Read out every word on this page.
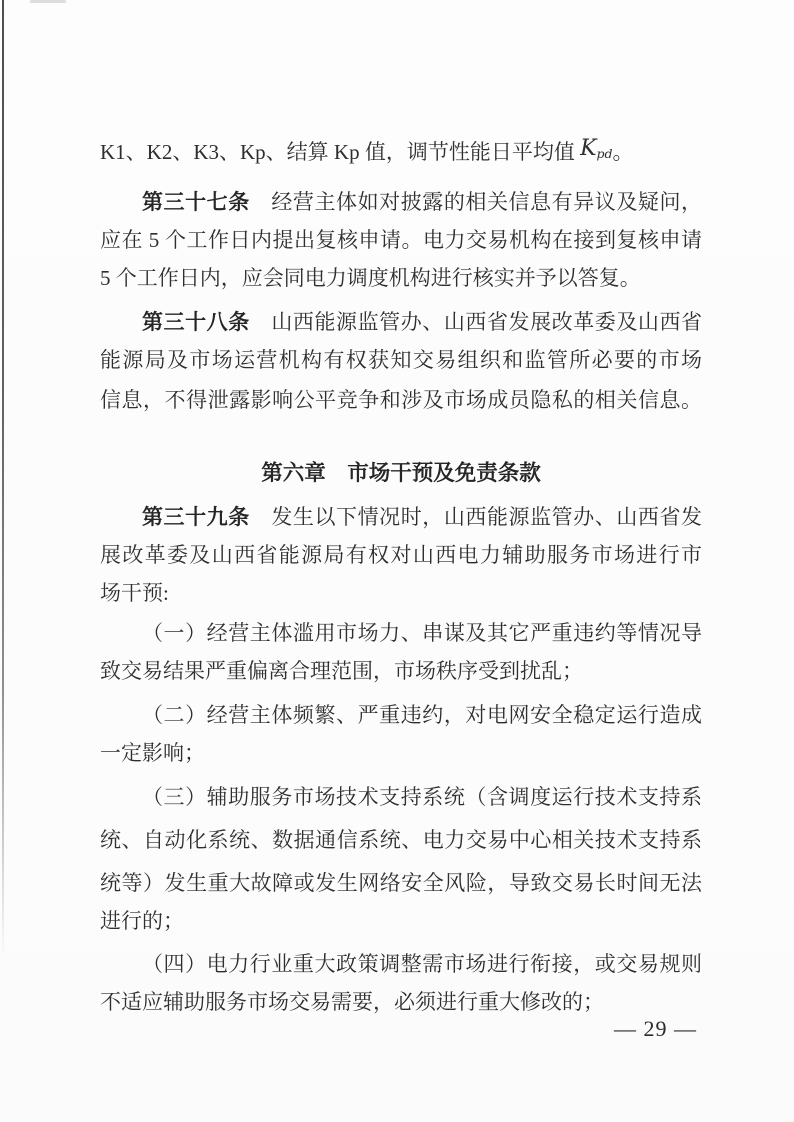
K1、K2、K3、Kp、结算 Kp 值，调节性能日平均值 Kpd。
第三十七条　经营主体如对披露的相关信息有异议及疑问，
应在 5 个工作日内提出复核申请。电力交易机构在接到复核申请
5 个工作日内，应会同电力调度机构进行核实并予以答复。
第三十八条　山西能源监管办、山西省发展改革委及山西省
能源局及市场运营机构有权获知交易组织和监管所必要的市场
信息，不得泄露影响公平竞争和涉及市场成员隐私的相关信息。
第六章　市场干预及免责条款
第三十九条　发生以下情况时，山西能源监管办、山西省发
展改革委及山西省能源局有权对山西电力辅助服务市场进行市
场干预:
（一）经营主体滥用市场力、串谋及其它严重违约等情况导
致交易结果严重偏离合理范围，市场秩序受到扰乱；
（二）经营主体频繁、严重违约，对电网安全稳定运行造成
一定影响；
（三）辅助服务市场技术支持系统（含调度运行技术支持系
统、自动化系统、数据通信系统、电力交易中心相关技术支持系
统等）发生重大故障或发生网络安全风险，导致交易长时间无法
进行的；
（四）电力行业重大政策调整需市场进行衔接，或交易规则
不适应辅助服务市场交易需要，必须进行重大修改的；
— 29 —
